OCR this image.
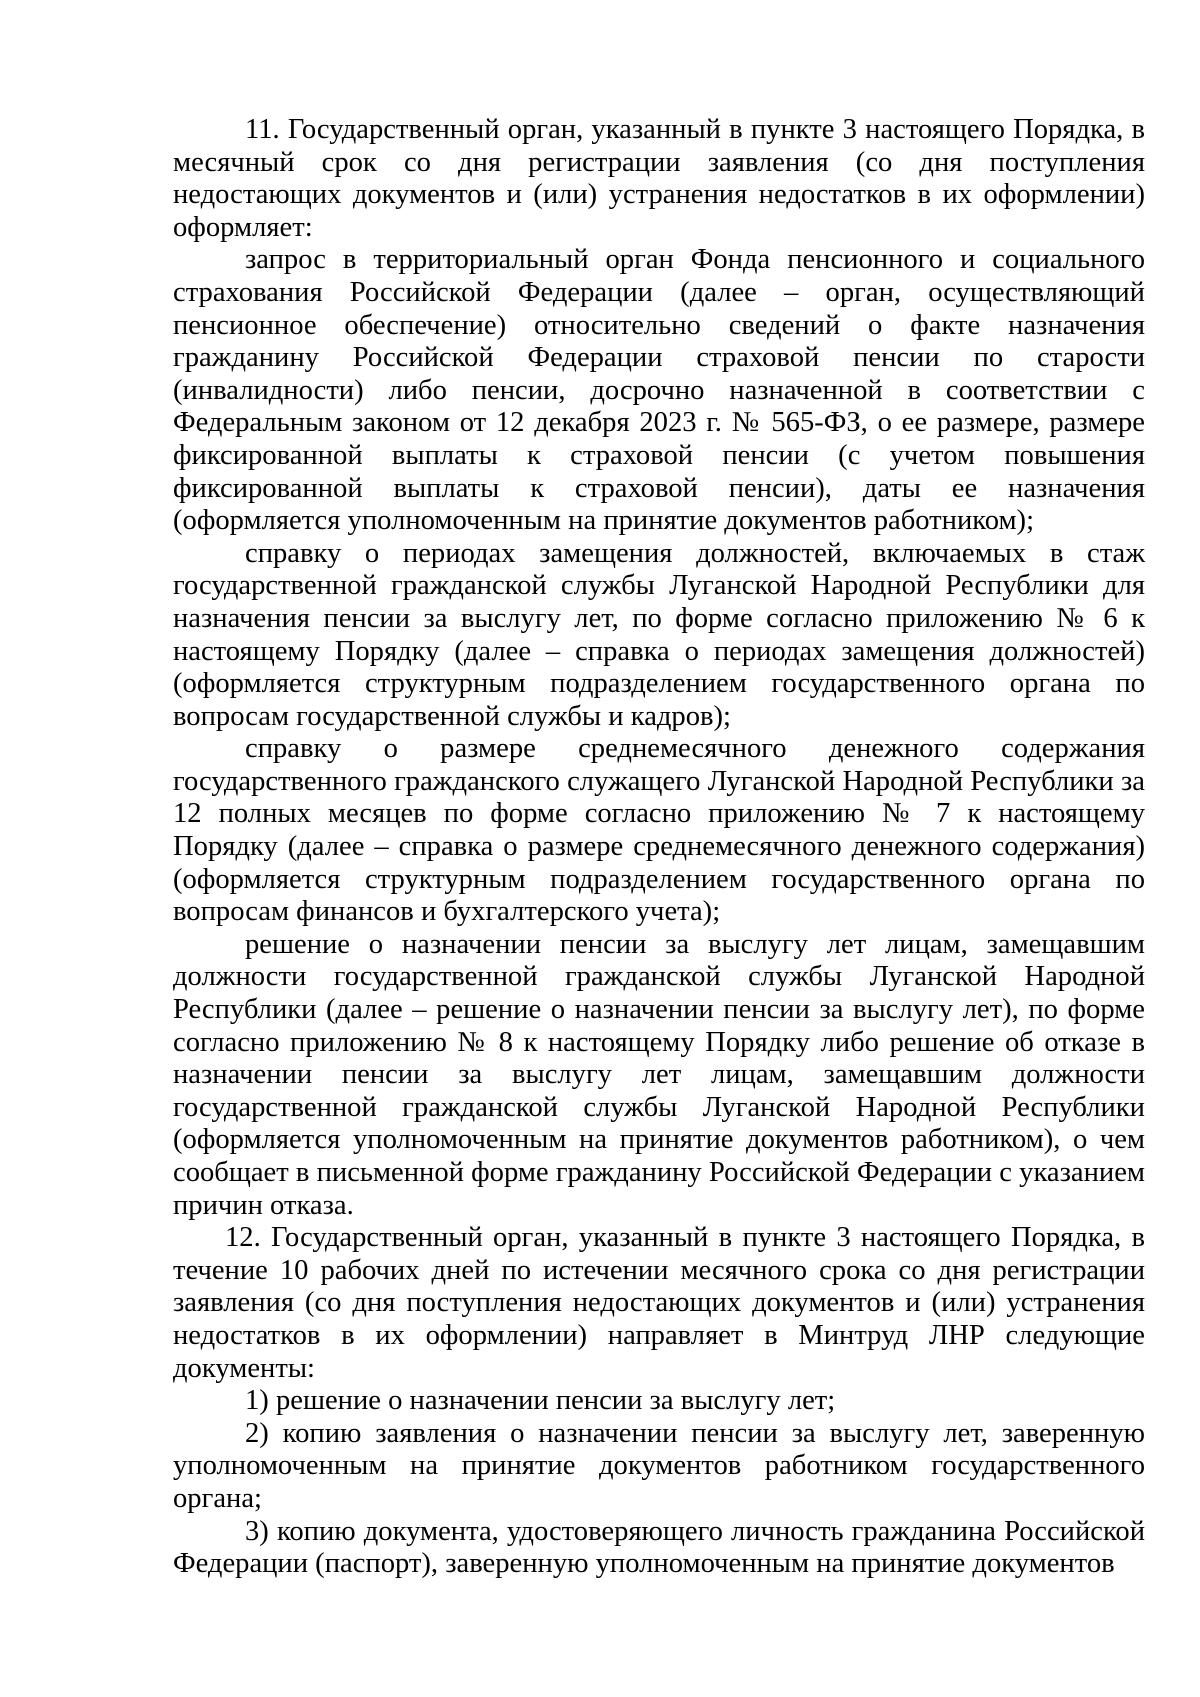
11. Государственный орган, указанный в пункте 3 настоящего Порядка, в месячный срок со дня регистрации заявления (со дня поступления недостающих документов и (или) устранения недостатков в их оформлении) оформляет:

запрос в территориальный орган Фонда пенсионного и социального страхования Российской Федерации (далее – орган, осуществляющий пенсионное обеспечение) относительно сведений о факте назначения гражданину Российской Федерации страховой пенсии по старости (инвалидности) либо пенсии, досрочно назначенной в соответствии с Федеральным законом от 12 декабря 2023 г. № 565-ФЗ, о ее размере, размере фиксированной выплаты к страховой пенсии (с учетом повышения фиксированной выплаты к страховой пенсии), даты ее назначения (оформляется уполномоченным на принятие документов работником);

справку о периодах замещения должностей, включаемых в стаж государственной гражданской службы Луганской Народной Республики для назначения пенсии за выслугу лет, по форме согласно приложению № 6 к настоящему Порядку (далее – справка о периодах замещения должностей) (оформляется структурным подразделением государственного органа по вопросам государственной службы и кадров);

справку о размере среднемесячного денежного содержания государственного гражданского служащего Луганской Народной Республики за 12 полных месяцев по форме согласно приложению № 7 к настоящему Порядку (далее – справка о размере среднемесячного денежного содержания) (оформляется структурным подразделением государственного органа по вопросам финансов и бухгалтерского учета);

решение о назначении пенсии за выслугу лет лицам, замещавшим должности государственной гражданской службы Луганской Народной Республики (далее – решение о назначении пенсии за выслугу лет), по форме согласно приложению № 8 к настоящему Порядку либо решение об отказе в назначении пенсии за выслугу лет лицам, замещавшим должности государственной гражданской службы Луганской Народной Республики (оформляется уполномоченным на принятие документов работником), о чем сообщает в письменной форме гражданину Российской Федерации с указанием причин отказа.

12. Государственный орган, указанный в пункте 3 настоящего Порядка, в течение 10 рабочих дней по истечении месячного срока со дня регистрации заявления (со дня поступления недостающих документов и (или) устранения недостатков в их оформлении) направляет в Минтруд ЛНР следующие документы:

1) решение о назначении пенсии за выслугу лет;

2) копию заявления о назначении пенсии за выслугу лет, заверенную уполномоченным на принятие документов работником государственного органа;

3) копию документа, удостоверяющего личность гражданина Российской Федерации (паспорт), заверенную уполномоченным на принятие документов
